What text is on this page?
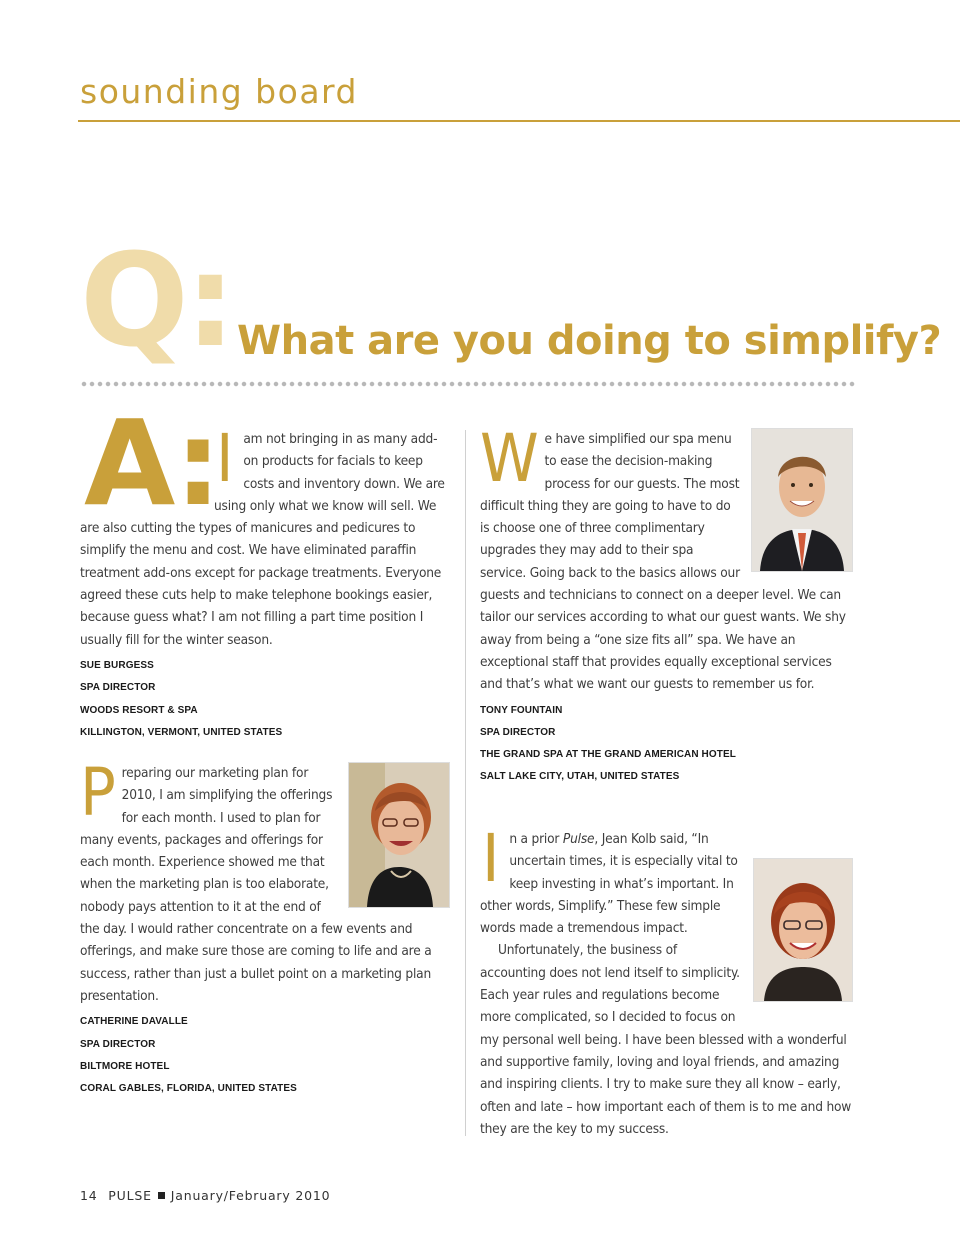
sounding board
Q: What are you doing to simplify?
A:

Iam not bringing in as many add-on products for facials to keep costs and inventory down. We are using only what we know will sell. We are also cutting the types of manicures and pedicures to simplify the menu and cost. We have eliminated paraffin treatment add-ons except for package treatments. Everyone agreed these cuts help to make telephone bookings easier, because guess what? I am not filling a part time position I usually fill for the winter season.

SUE BURGESS
SPA DIRECTOR
WOODS RESORT & SPA
KILLINGTON, VERMONT, UNITED STATES

Preparing our marketing plan for 2010, I am simplifying the offerings for each month. I used to plan for many events, packages and offerings for each month. Experience showed me that when the marketing plan is too elaborate, nobody pays attention to it at the end of the day. I would rather concentrate on a few events and offerings, and make sure those are coming to life and are a success, rather than just a bullet point on a marketing plan presentation.

CATHERINE DAVALLE
SPA DIRECTOR
BILTMORE HOTEL
CORAL GABLES, FLORIDA, UNITED STATES

We have simplified our spa menu to ease the decision-making process for our guests. The most difficult thing they are going to have to do is choose one of three complimentary upgrades they may add to their spa service. Going back to the basics allows our guests and technicians to connect on a deeper level. We can tailor our services according to what our guest wants. We shy away from being a “one size fits all” spa. We have an exceptional staff that provides equally exceptional services and that’s what we want our guests to remember us for.

TONY FOUNTAIN
SPA DIRECTOR
THE GRAND SPA AT THE GRAND AMERICAN HOTEL
SALT LAKE CITY, UTAH, UNITED STATES

In a prior Pulse, Jean Kolb said, “In uncertain times, it is especially vital to keep investing in what’s important. In other words, Simplify.” These few simple words made a tremendous impact.

Unfortunately, the business of accounting does not lend itself to simplicity. Each year rules and regulations become more complicated, so I decided to focus on my personal well being. I have been blessed with a wonderful and supportive family, loving and loyal friends, and amazing and inspiring clients. I try to make sure they all know – early, often and late – how important each of them is to me and how they are the key to my success.

14 PULSE January/February 2010
